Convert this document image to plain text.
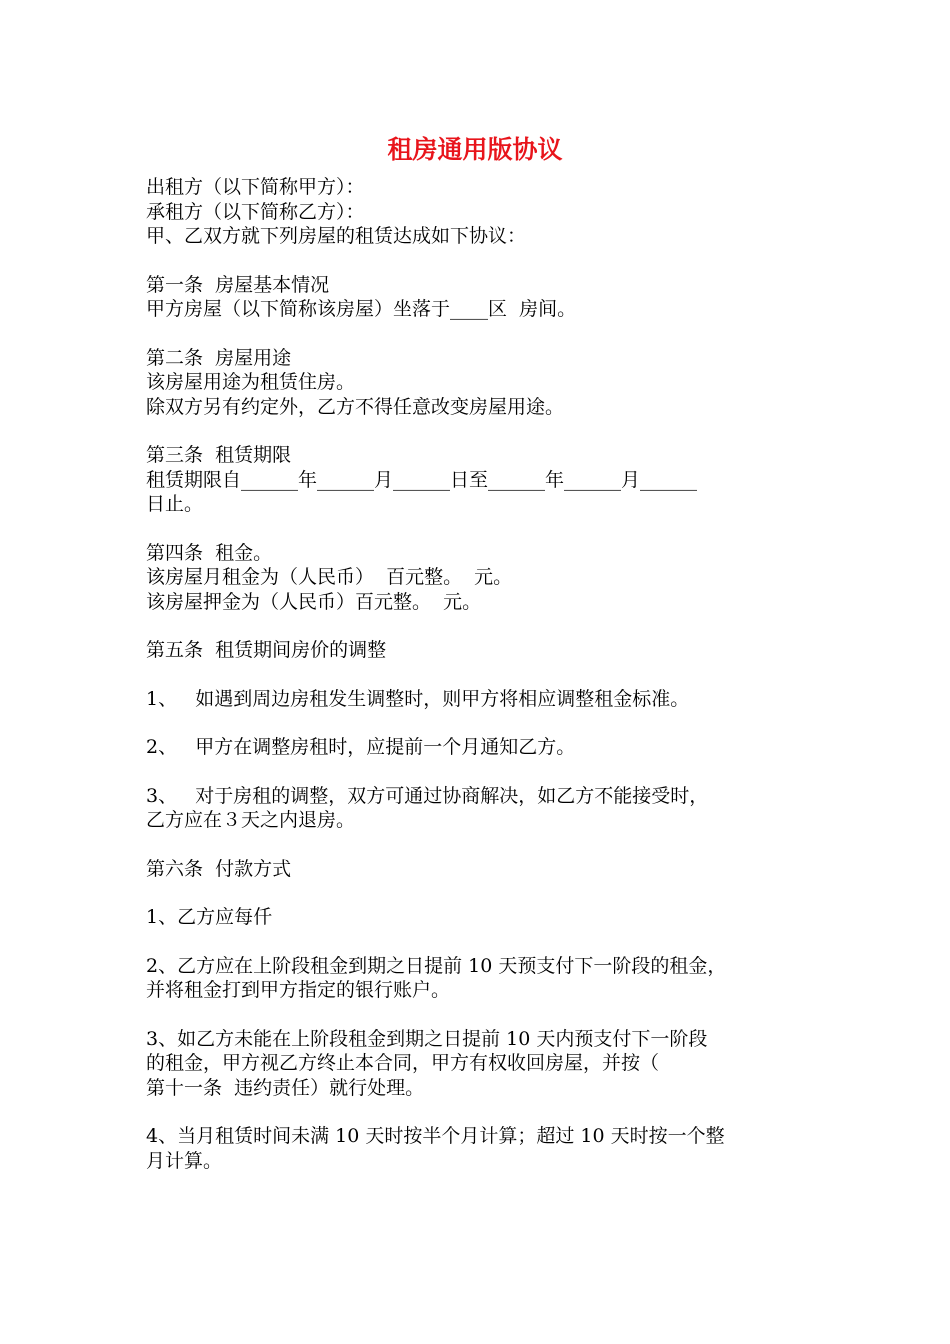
租房通用版协议
出租方（以下简称甲方）：
承租方（以下简称乙方）：
甲、乙双方就下列房屋的租赁达成如下协议：
第一条  房屋基本情况
甲方房屋（以下简称该房屋）坐落于____区  房间。
第二条  房屋用途
该房屋用途为租赁住房。
除双方另有约定外，乙方不得任意改变房屋用途。
第三条  租赁期限
租赁期限自______年______月______日至______年______月______
日止。
第四条  租金。
该房屋月租金为（人民币）  百元整。  元。
该房屋押金为（人民币）百元整。  元。
第五条  租赁期间房价的调整
1、   如遇到周边房租发生调整时，则甲方将相应调整租金标准。
2、   甲方在调整房租时，应提前一个月通知乙方。
3、   对于房租的调整，双方可通过协商解决，如乙方不能接受时，
乙方应在３天之内退房。
第六条  付款方式
1、乙方应每仟
2、乙方应在上阶段租金到期之日提前 10 天预支付下一阶段的租金，
并将租金打到甲方指定的银行账户。
3、如乙方未能在上阶段租金到期之日提前 10 天内预支付下一阶段
的租金，甲方视乙方终止本合同，甲方有权收回房屋，并按（
第十一条  违约责任）就行处理。
4、当月租赁时间未满 10 天时按半个月计算；超过 10 天时按一个整
月计算。
